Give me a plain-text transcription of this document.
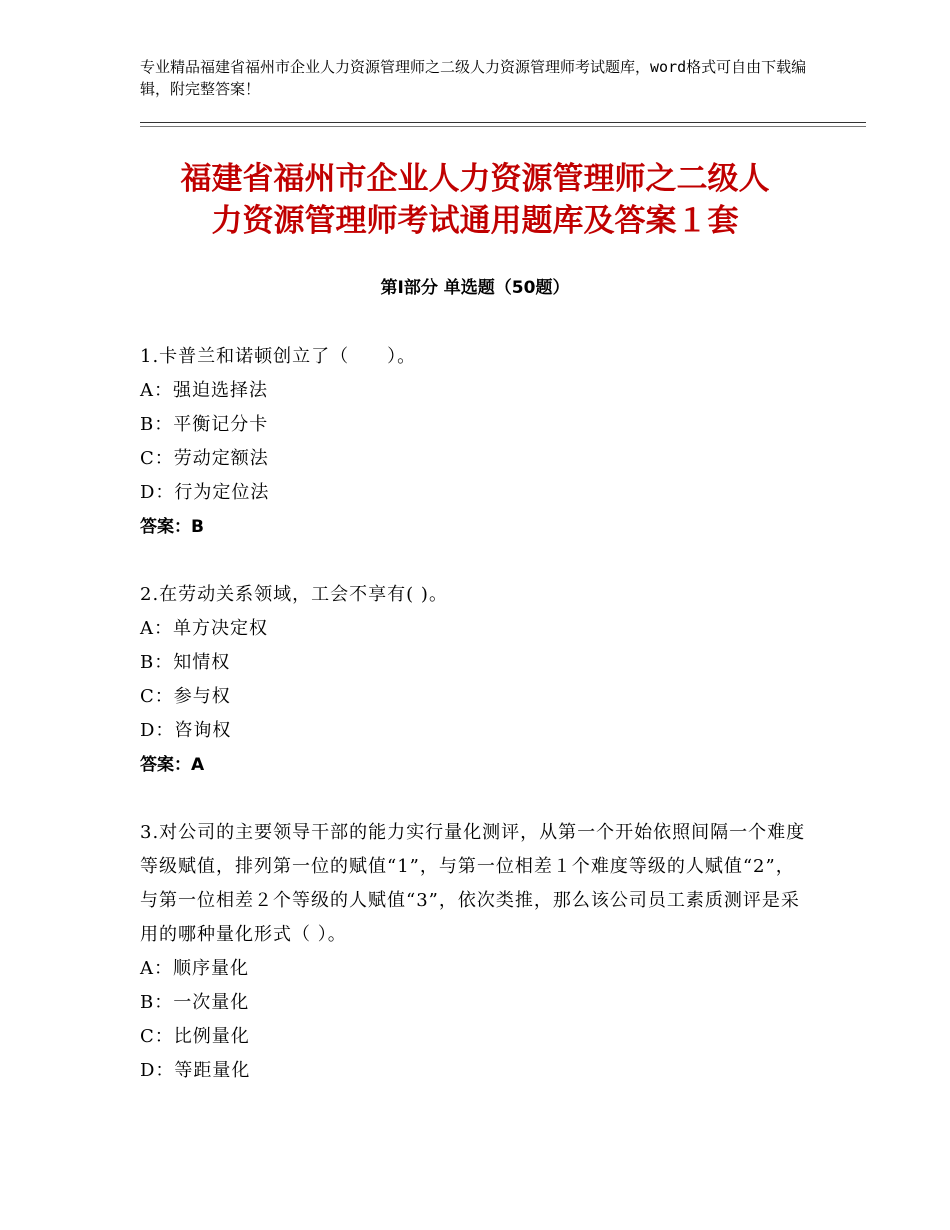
专业精品福建省福州市企业人力资源管理师之二级人力资源管理师考试题库，word格式可自由下载编辑，附完整答案！
福建省福州市企业人力资源管理师之二级人
力资源管理师考试通用题库及答案１套
第Ⅰ部分 单选题（50题）
1.卡普兰和诺顿创立了（　　）。
A：强迫选择法
B：平衡记分卡
C：劳动定额法
D：行为定位法
答案：B
2.在劳动关系领域，工会不享有( )。
A：单方决定权
B：知情权
C：参与权
D：咨询权
答案：A
3.对公司的主要领导干部的能力实行量化测评，从第一个开始依照间隔一个难度等级赋值，排列第一位的赋值“1”，与第一位相差１个难度等级的人赋值“2”，与第一位相差２个等级的人赋值“3”，依次类推，那么该公司员工素质测评是采用的哪种量化形式（ ）。
A：顺序量化
B：一次量化
C：比例量化
D：等距量化
